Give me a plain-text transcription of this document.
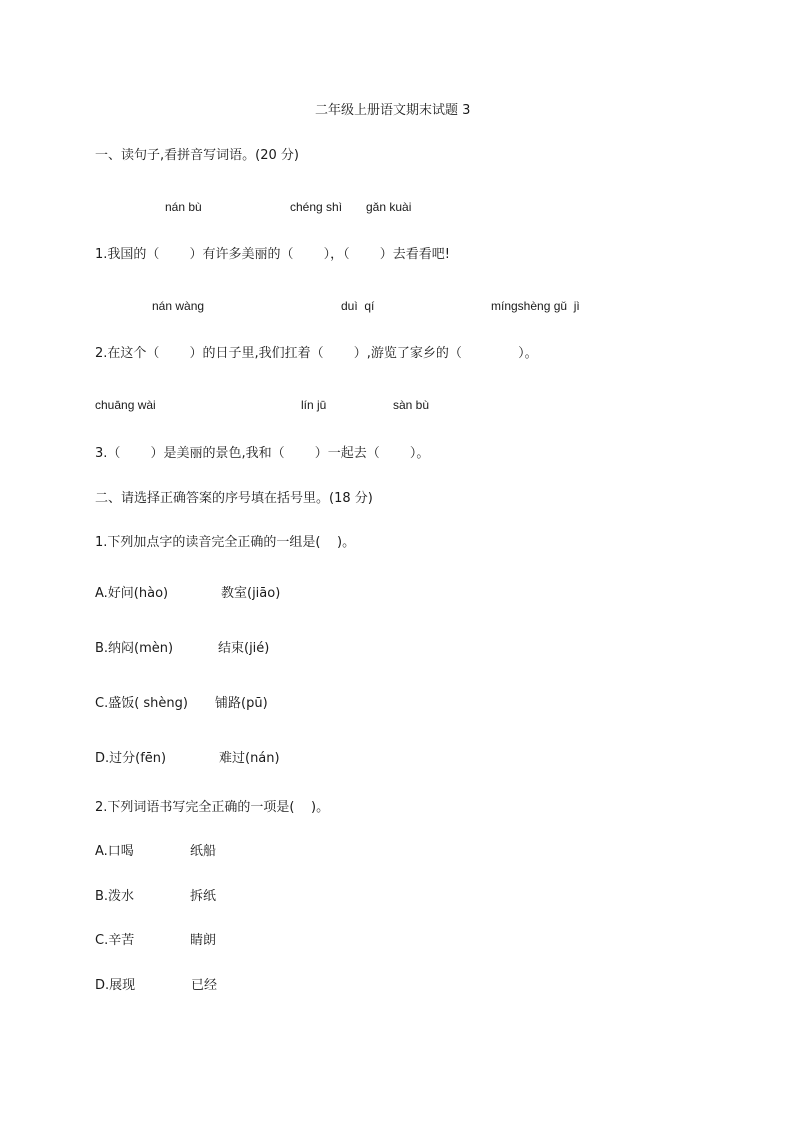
二年级上册语文期末试题 3
一、读句子,看拼音写词语。(20 分)
nán bù	chéng shì gǎn kuài
1.我国的（　　 ）有许多美丽的（　　 ），（　　 ）去看看吧!
nán wàng	duì  qí	míngshèng gǔ  jì
2.在这个（　　 ）的日子里,我们扛着（　　 ）,游览了家乡的（　　　　 ）。
chuāng wài	lín jū	sàn bù
3.（　　 ）是美丽的景色,我和（　　 ）一起去（　　 ）。
二、请选择正确答案的序号填在括号里。(18 分)
1.下列加点字的读音完全正确的一组是(    )。
A.好问(hào)	教室(jiāo)
B.纳闷(mèn)	结束(jié)
C.盛饭( shèng) 铺路(pū)
D.过分(fēn)	难过(nán)
2.下列词语书写完全正确的一项是(    )。
A.口喝	纸船
B.泼水	拆纸
C.辛苦	睛朗
D.展现	已经
